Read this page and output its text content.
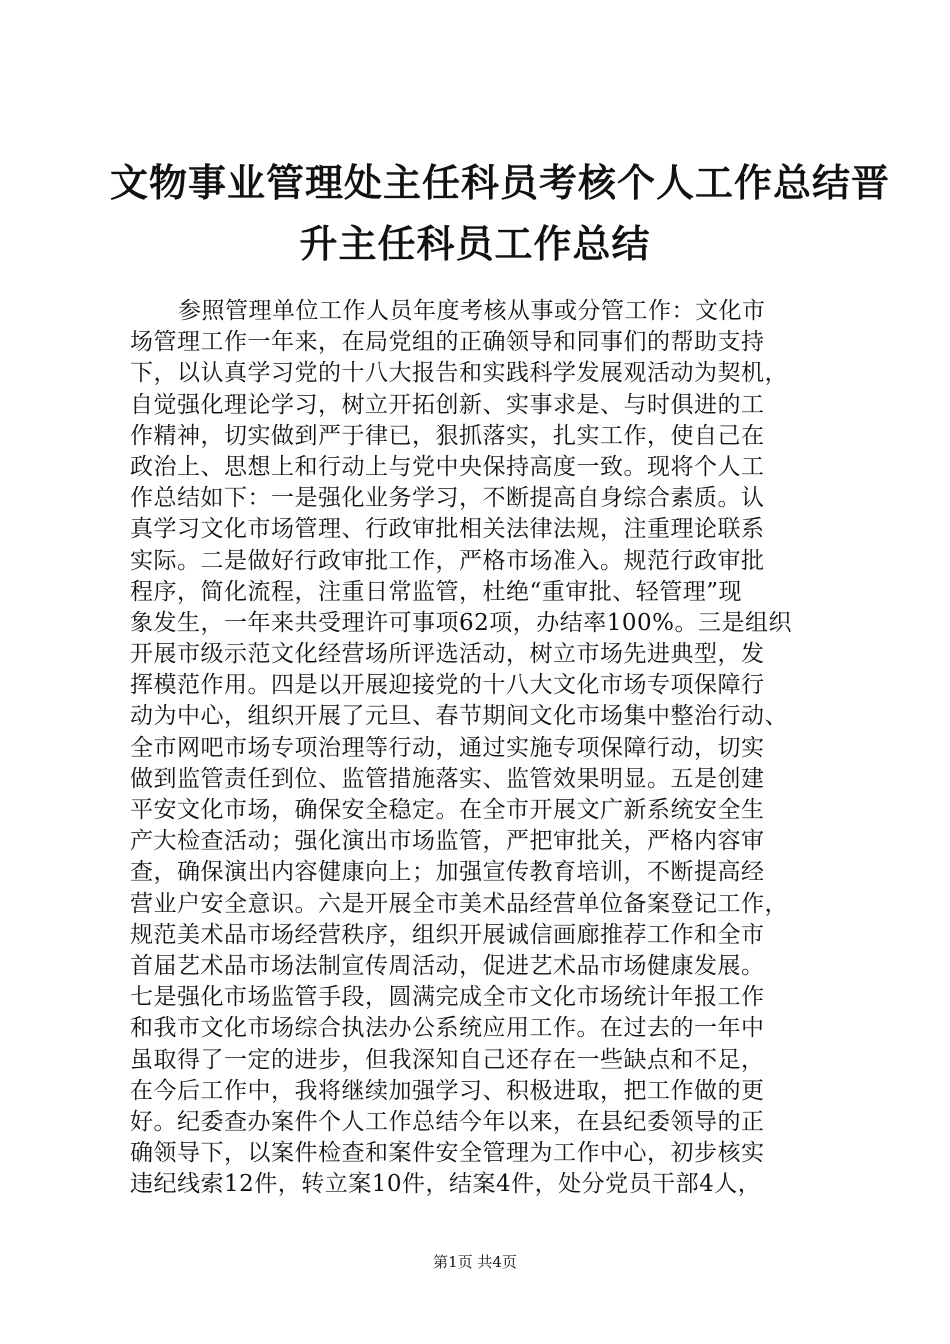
文物事业管理处主任科员考核个人工作总结晋
升主任科员工作总结
参照管理单位工作人员年度考核从事或分管工作：文化市
场管理工作一年来，在局党组的正确领导和同事们的帮助支持
下，以认真学习党的十八大报告和实践科学发展观活动为契机，
自觉强化理论学习，树立开拓创新、实事求是、与时俱进的工
作精神，切实做到严于律已，狠抓落实，扎实工作，使自己在
政治上、思想上和行动上与党中央保持高度一致。现将个人工
作总结如下：一是强化业务学习，不断提高自身综合素质。认
真学习文化市场管理、行政审批相关法律法规，注重理论联系
实际。二是做好行政审批工作，严格市场准入。规范行政审批
程序，简化流程，注重日常监管，杜绝“重审批、轻管理”现
象发生，一年来共受理许可事项62项，办结率100%。三是组织
开展市级示范文化经营场所评选活动，树立市场先进典型，发
挥模范作用。四是以开展迎接党的十八大文化市场专项保障行
动为中心，组织开展了元旦、春节期间文化市场集中整治行动、
全市网吧市场专项治理等行动，通过实施专项保障行动，切实
做到监管责任到位、监管措施落实、监管效果明显。五是创建
平安文化市场，确保安全稳定。在全市开展文广新系统安全生
产大检查活动；强化演出市场监管，严把审批关，严格内容审
查，确保演出内容健康向上；加强宣传教育培训，不断提高经
营业户安全意识。六是开展全市美术品经营单位备案登记工作，
规范美术品市场经营秩序，组织开展诚信画廊推荐工作和全市
首届艺术品市场法制宣传周活动，促进艺术品市场健康发展。
七是强化市场监管手段，圆满完成全市文化市场统计年报工作
和我市文化市场综合执法办公系统应用工作。在过去的一年中
虽取得了一定的进步，但我深知自己还存在一些缺点和不足，
在今后工作中，我将继续加强学习、积极进取，把工作做的更
好。纪委查办案件个人工作总结今年以来，在县纪委领导的正
确领导下，以案件检查和案件安全管理为工作中心，初步核实
违纪线索12件，转立案10件，结案4件，处分党员干部4人，
第1页 共4页
